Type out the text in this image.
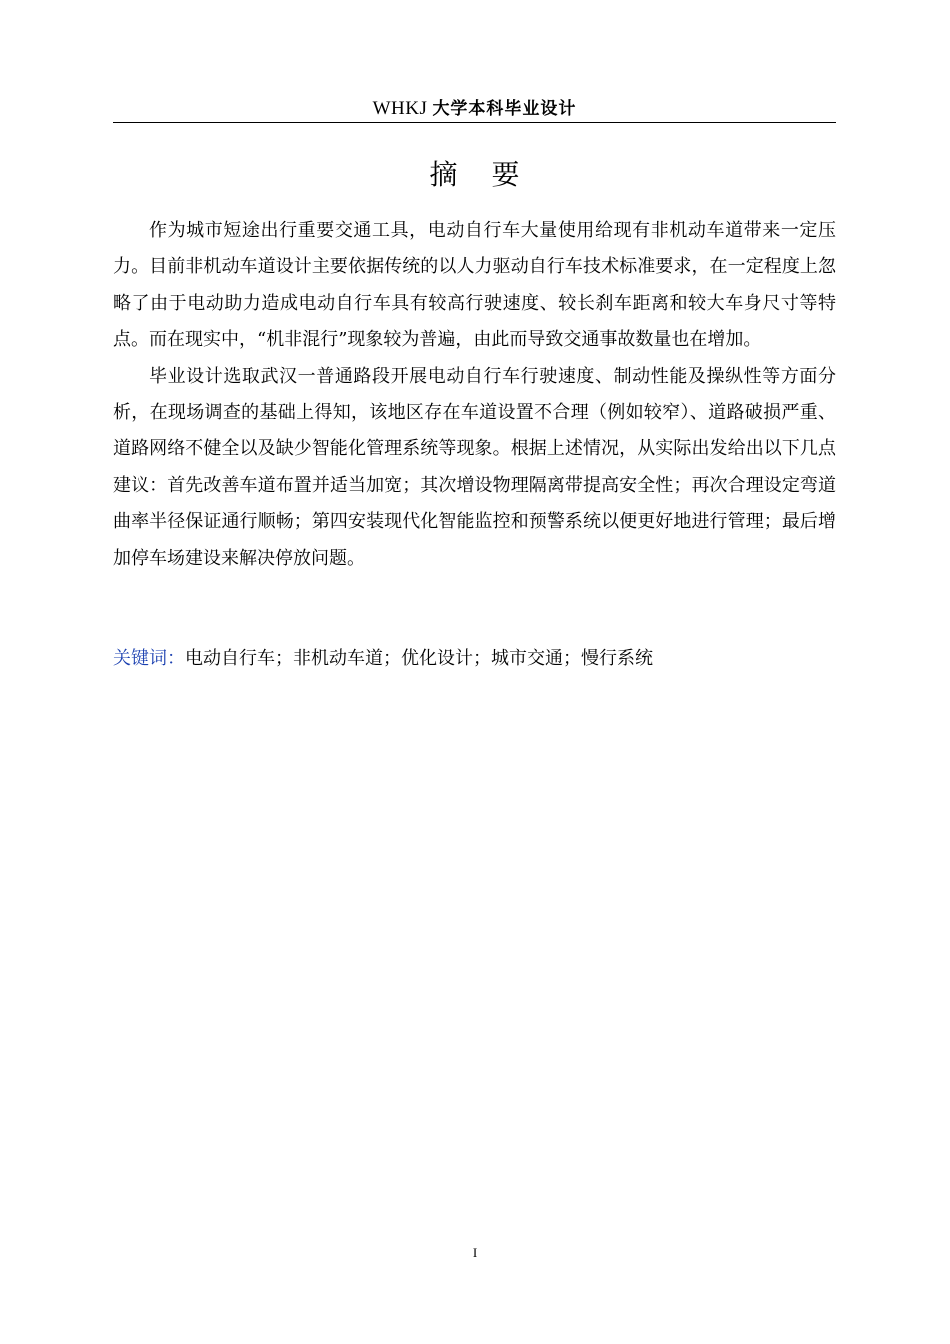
WHKJ 大学本科毕业设计
摘要

作为城市短途出行重要交通工具，电动自行车大量使用给现有非机动车道带来一定压力。目前非机动车道设计主要依据传统的以人力驱动自行车技术标准要求，在一定程度上忽略了由于电动助力造成电动自行车具有较高行驶速度、较长刹车距离和较大车身尺寸等特点。而在现实中，“机非混行”现象较为普遍，由此而导致交通事故数量也在增加。

毕业设计选取武汉一普通路段开展电动自行车行驶速度、制动性能及操纵性等方面分析，在现场调查的基础上得知，该地区存在车道设置不合理（例如较窄）、道路破损严重、道路网络不健全以及缺少智能化管理系统等现象。根据上述情况，从实际出发给出以下几点建议：首先改善车道布置并适当加宽；其次增设物理隔离带提高安全性；再次合理设定弯道曲率半径保证通行顺畅；第四安装现代化智能监控和预警系统以便更好地进行管理；最后增加停车场建设来解决停放问题。

关键词：电动自行车；非机动车道；优化设计；城市交通；慢行系统
I
